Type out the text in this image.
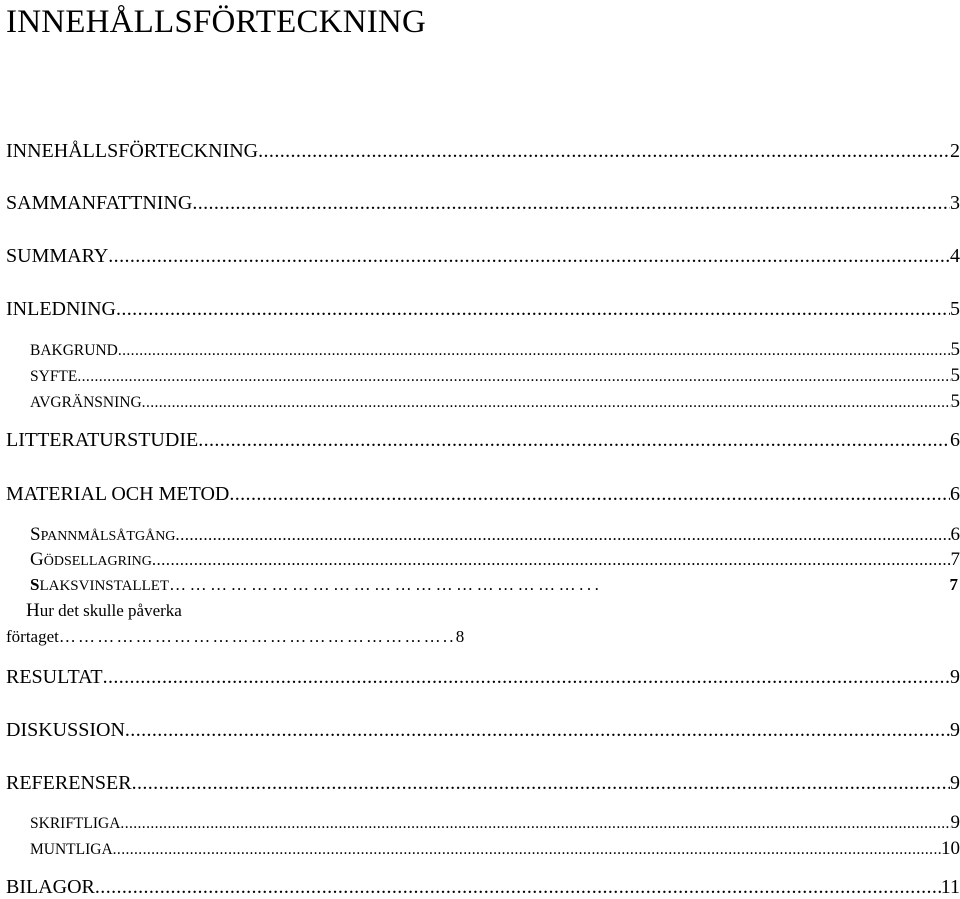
INNEHÅLLSFÖRTECKNING
INNEHÅLLSFÖRTECKNING .....	2
SAMMANFATTNING .....	3
SUMMARY .....	4
INLEDNING .....	5
BAKGRUND .....	5
SYFTE .....	5
AVGRÄNSNING .....	5
LITTERATURSTUDIE .....	6
MATERIAL OCH METOD .....	6
SPANNMÅLSÅTGÅNG .....	6
GÖDSELLAGRING .....	7
SLAKSVINSTALLET……………………………………………………...	7
Hur det skulle påverka
förtaget……………………………………………………..8
RESULTAT .....	9
DISKUSSION .....	9
REFERENSER .....	9
SKRIFTLIGA .....	9
MUNTLIGA .....	10
BILAGOR .....	11
